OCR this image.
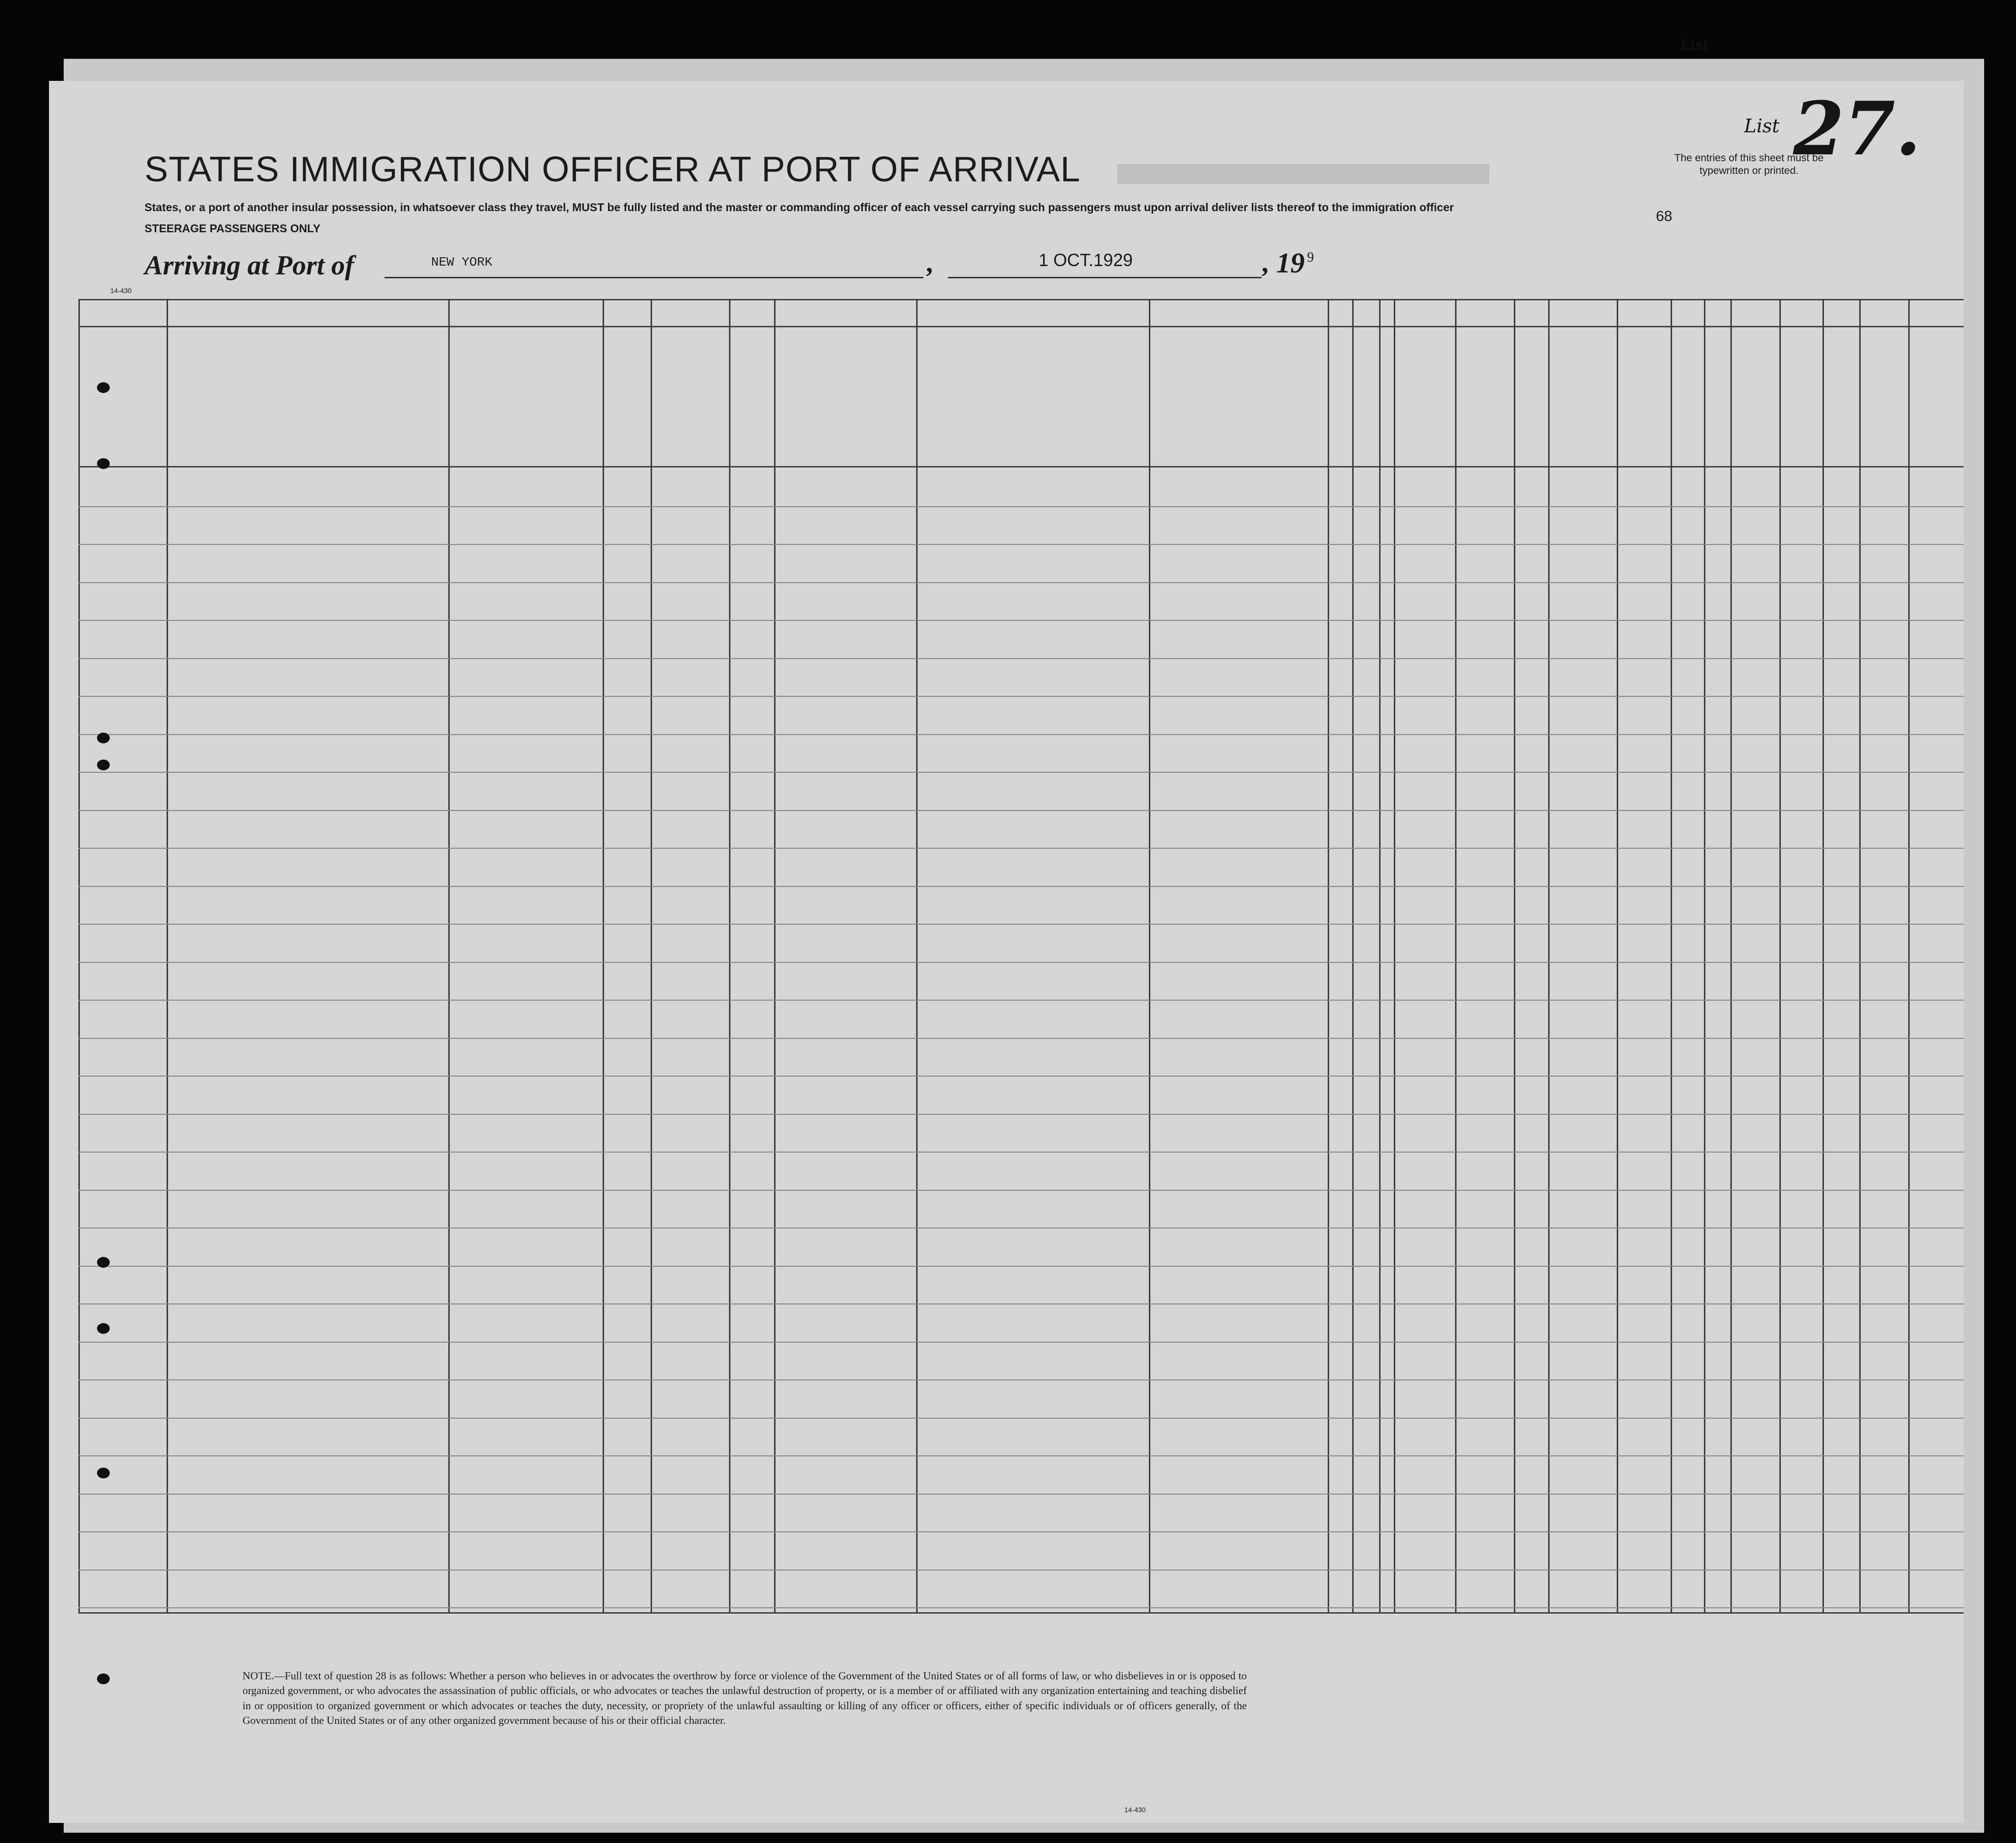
List
List 27.
STATES IMMIGRATION OFFICER AT PORT OF ARRIVAL	The entries of this sheet must be typewritten or printed.
68
States, or a port of another insular possession, in whatsoever class they travel, MUST be fully listed and the master or commanding officer of each vessel carrying such passengers must upon arrival deliver lists thereof to the immigration officer
STEERAGE PASSENGERS ONLY
Arriving at Port of	NEW YORK	,	1 OCT.1929	, 19 9
14-430
NOTE.—Full text of question 28 is as follows: Whether a person who believes in or advocates the overthrow by force or violence of the Government of the United States or of all forms of law, or who disbelieves in or is opposed to organized government, or who advocates the assassination of public officials, or who advocates or teaches the unlawful destruction of property, or is a member of or affiliated with any organization entertaining and teaching disbelief in or opposition to organized government or which advocates or teaches the duty, necessity, or propriety of the unlawful assaulting or killing of any officer or officers, either of specific individuals or of officers generally, of the Government of the United States or of any other organized government because of his or their official character.
14-430
